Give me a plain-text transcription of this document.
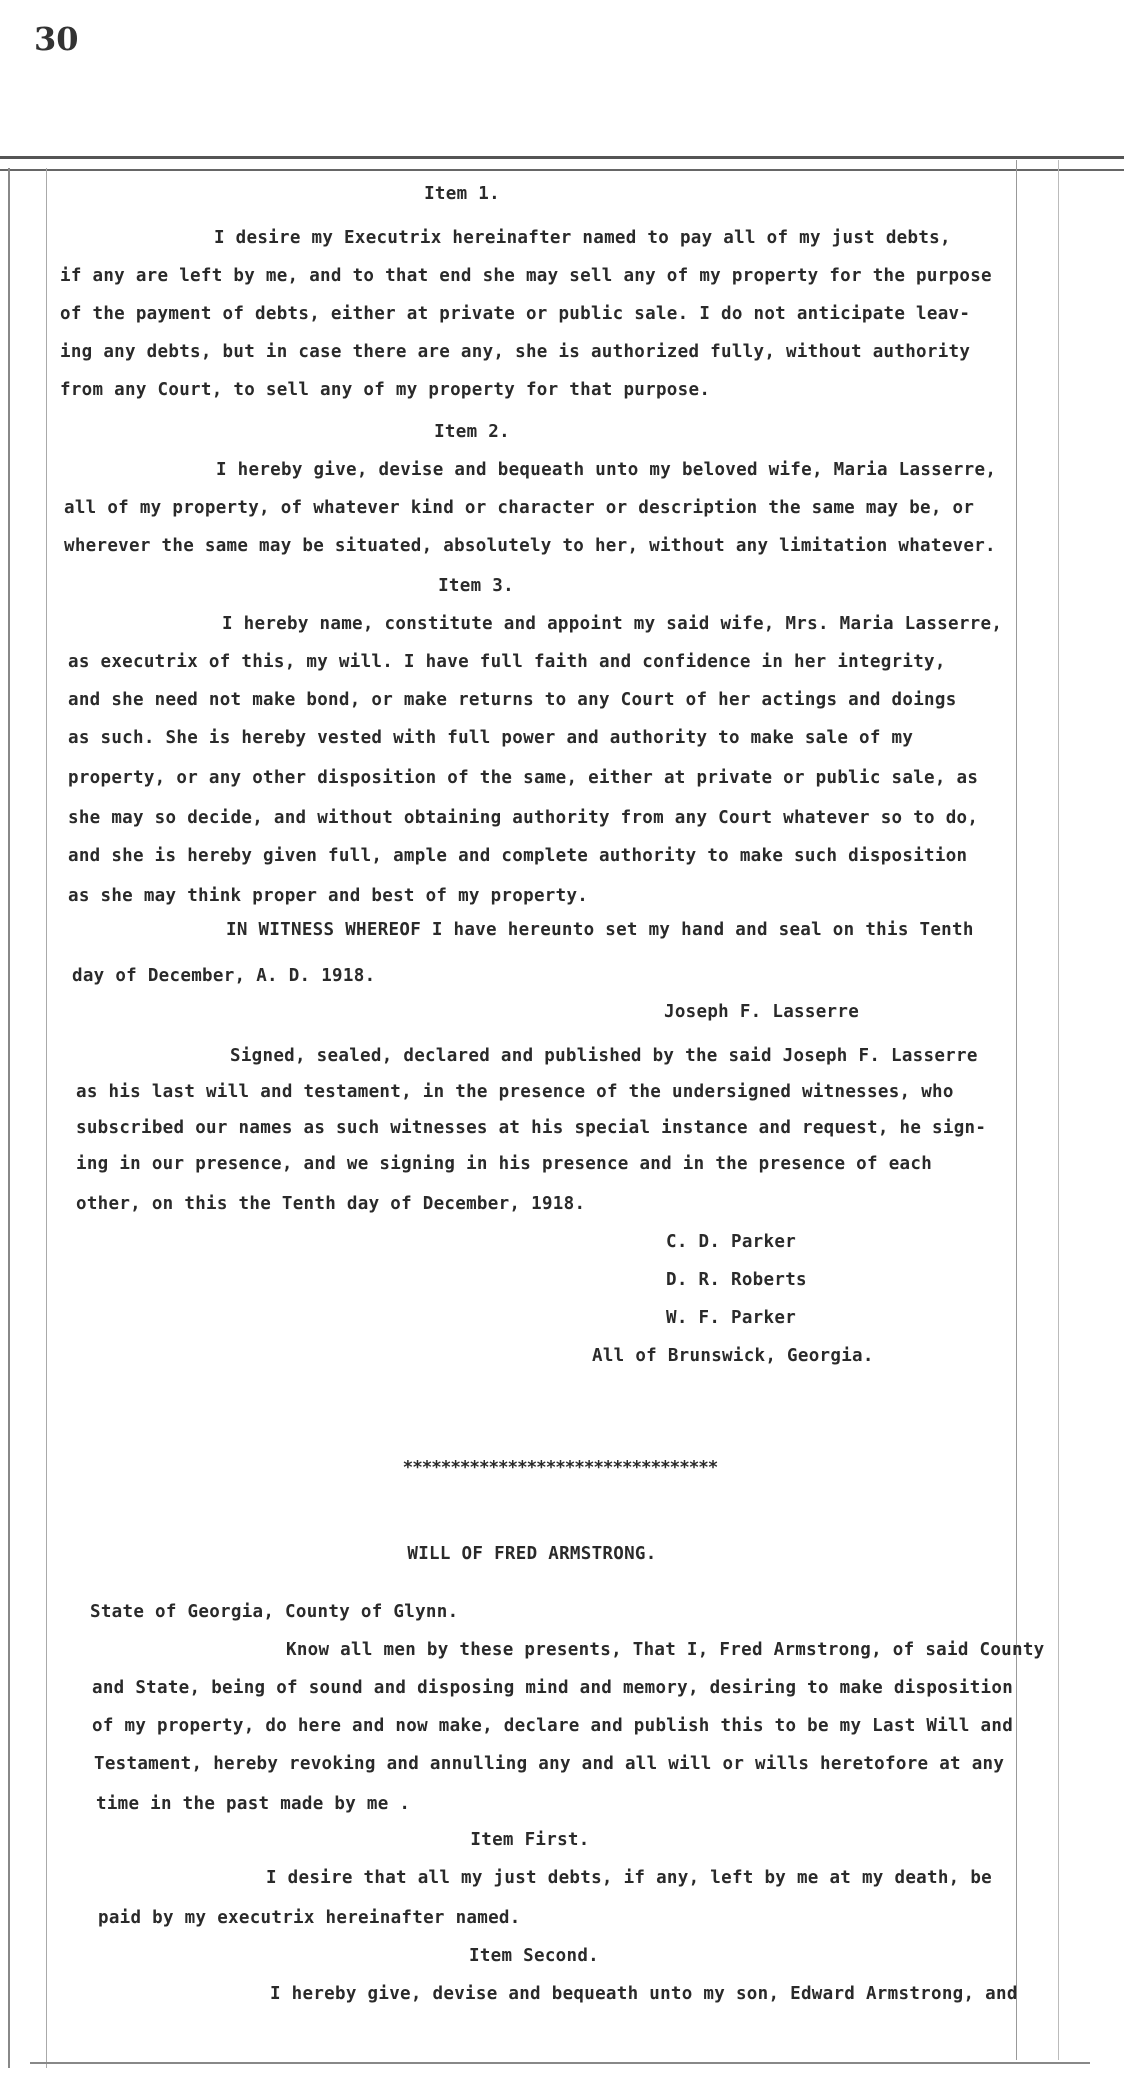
30
Item 1.
I desire my Executrix hereinafter named to pay all of my just debts,
if any are left by me, and to that end she may sell any of my property for the purpose
of the payment of debts, either at private or public sale. I do not anticipate leav-
ing any debts, but in case there are any, she is authorized fully, without authority
from any Court, to sell any of my property for that purpose.
Item 2.
I hereby give, devise and bequeath unto my beloved wife, Maria Lasserre,
all of my property, of whatever kind or character or description the same may be, or
wherever the same may be situated, absolutely to her, without any limitation whatever.
Item 3.
I hereby name, constitute and appoint my said wife, Mrs. Maria Lasserre,
as executrix of this, my will. I have full faith and confidence in her integrity,
and she need not make bond, or make returns to any Court of her actings and doings
as such. She is hereby vested with full power and authority to make sale of my
property, or any other disposition of the same, either at private or public sale, as
she may so decide, and without obtaining authority from any Court whatever so to do,
and she is hereby given full, ample and complete authority to make such disposition
as she may think proper and best of my property.
IN WITNESS WHEREOF I have hereunto set my hand and seal on this Tenth
day of December, A. D. 1918.
Joseph F. Lasserre
Signed, sealed, declared and published by the said Joseph F. Lasserre
as his last will and testament, in the presence of the undersigned witnesses, who
subscribed our names as such witnesses at his special instance and request, he sign-
ing in our presence, and we signing in his presence and in the presence of each
other, on this the Tenth day of December, 1918.
C. D. Parker
D. R. Roberts
W. F. Parker
All of Brunswick, Georgia.
*********************************
WILL OF FRED ARMSTRONG.
State of Georgia, County of Glynn.
Know all men by these presents, That I, Fred Armstrong, of said County
and State, being of sound and disposing mind and memory, desiring to make disposition
of my property, do here and now make, declare and publish this to be my Last Will and
Testament, hereby revoking and annulling any and all will or wills heretofore at any
time in the past made by me .
Item First.
I desire that all my just debts, if any, left by me at my death, be
paid by my executrix hereinafter named.
Item Second.
I hereby give, devise and bequeath unto my son, Edward Armstrong, and
